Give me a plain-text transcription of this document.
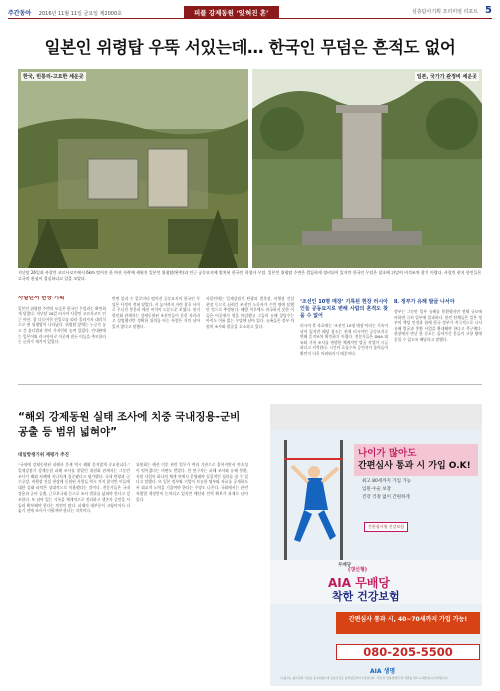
주간동아 2016년 11월 11일 금요일 제2000호	피플 강제동원 ‘잊혀진 혼’	심층탐사기획 프리미엄 리포트 5
일본인 위령탑 우뚝 서있는데… 한국인 무덤은 흔적도 없어
한국, 빈롱리-고요한 세운곳	일본, 국가가 관정비 세운곳
지난달 26일과 사할린 코르사코프에서 6km 떨어진 한 야산 자락에 세워진 일본인 위령탑(왼쪽)과 인근 공동묘지에 방치된 한국인 희생자 무덤. 일본인 위령탑 주변은 깔끔하게 정비되어 있지만 한국인 무덤은 잡초에 뒤덮여 비석조차 찾기 어렵다. 사할린 현지 한인들은 고국의 관심이 절실하다고 입을 모았다.
사할린서 현장 기획
일본인 위령탑 주변의 모습은 한국인 무덤과는 확연하게 달랐다. 지난달 26일 러시아 사할린 코르사코프 인근 야산. 잘 다듬어진 진입로를 따라 올라가자 대리석으로 된 위령탑이 나타났다. 위령탑 앞에는 누군가 놓고 간 꽃다발과 향이 가지런히 놓여 있었다. 안내판에는 일본어와 러시아어로 이곳에 잠든 이들을 추모한다는 글귀가 새겨져 있었다.
반면 불과 수 킬로미터 떨어진 공동묘지의 한국인 무덤은 사정이 전혀 달랐다. 키 높이까지 자란 잡초 사이로 무너진 봉분과 깨진 비석이 드문드문 보였다. 현지 한인회 관계자는 강제동원된 조선인들이 묻힌 자리라고 설명했지만 정확한 위치를 아는 사람은 거의 남아 있지 않다고 말했다.
사할린에는 일제강점기 탄광과 벌목장, 비행장 건설 현장 등으로 끌려간 조선인 노동자가 수만 명에 달했던 것으로 추정된다. 해방 이후에도 귀국하지 못한 이들은 이곳에서 생을 마감했고 그들의 유해 상당수는 아직도 이름 없는 무덤에 남아 있다. 유족들은 정부 차원의 조사와 발굴을 호소하고 있다.
‘조선인 10명 매장’ 기록된 현장 러시아인들 공동묘지로 변해 사람의 흔적도 찾을 수 없어
러시아 측 자료에는 ‘조선인 10명 매장’이라는 기록이 남아 있지만 해당 장소는 현재 러시아인 공동묘지로 변해 흔적조차 확인하기 어렵다. 전문가들은 DNA 대조와 기록 조사를 병행한 체계적인 발굴 작업이 시급하다고 지적한다. 시간이 흐를수록 증언자가 줄어들어 확인이 더욱 어려워지기 때문이다.
Ⅱ. 정부가 유해 발굴 나서야
정부는 그동안 일부 유해를 봉환했지만 전체 규모에 비하면 극히 일부에 불과하다. 한인 단체들은 일본 정부의 책임 인정과 함께 한국 정부가 적극적으로 나서 유해 발굴과 봉환 사업을 확대해야 한다고 촉구했다. 현장에서 만난 한 동포는 돌아가신 분들이 고향 땅에 묻힐 수 있도록 해달라고 말했다.
“해외 강제동원 실태 조사에 치중 국내징용-군비공출 등 범위 넓혀야”
대일항쟁기위 재평가 추진
“국내에 강제동원된 피해자 문제 역시 해외 못지않게 중요합니다.” 일제강점기 강제동원 피해 조사를 맡았던 위원회 관계자는 그동안 조사가 해외 사례에 지나치게 집중됐다고 평가했다. 국내 탄광과 군수공장, 비행장 건설 현장에 동원된 사람들 역시 적지 않지만 이들에 대한 실태 파악은 상대적으로 미흡했다는 것이다. 전문가들은 국내 징용과 군비 공출, 근로보국대 등으로 조사 범위를 넓혀야 한다고 강조한다. 또 남아 있는 기록을 체계적으로 정리하고 생존자 증언을 서둘러 확보해야 한다는 의견이 많다. 피해자 대부분이 고령이어서 더 늦기 전에 조사가 이뤄져야 한다는 지적이다.
위원회는 해산 이후 관련 업무가 여러 기관으로 흩어지면서 연속성이 떨어졌다는 비판도 받았다. 한 연구자는 피해 조사와 유해 봉환, 지원 사업이 하나의 체계 안에서 운영돼야 실질적인 성과를 낼 수 있다고 말했다. 또 일본 정부와 기업이 보유한 명부와 자료를 공개하도록 외교적 노력을 기울여야 한다는 주장도 나온다. 국회에서는 관련 특별법 개정안이 논의되고 있지만 예산과 인력 확보가 과제로 남아 있다.
나이가 많아도
간편심사 통과 시 가입 O.K!
최고 80세까지 가입 가능
입원·수술 보장
건강 걱정 없이 간편하게
간편심사형 건강보험
무배당
(갱신형)
AIA 무배당
착한 건강보험
간편심사 통과 시, 40~70세까지 가입 가능!
080-205-5500
AIA 생명
이 광고는 광고심의 기준을 준수하였으며 유효기간은 심의일로부터 1년입니다. 가입 전 상품설명서 및 약관을 반드시 확인하시기 바랍니다.
